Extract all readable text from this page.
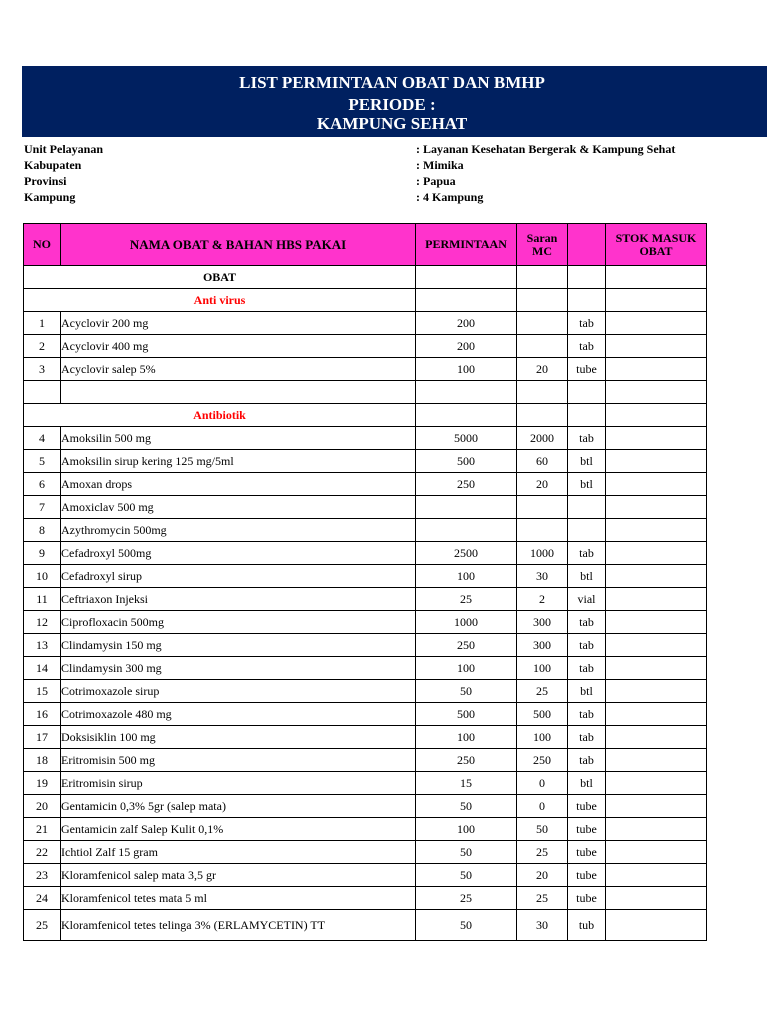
LIST PERMINTAAN OBAT DAN BMHP
PERIODE :
KAMPUNG SEHAT
Unit Pelayanan	: Layanan Kesehatan Bergerak & Kampung Sehat
Kabupaten	: Mimika
Provinsi	: Papua
Kampung	: 4 Kampung
NO	NAMA OBAT & BAHAN HBS PAKAI	PERMINTAAN	Saran MC		STOK MASUK OBAT
OBAT					
Anti virus					
1	Acyclovir 200 mg	200		tab	
2	Acyclovir 400 mg	200		tab	
3	Acyclovir salep 5%	100	20	tube	

Antibiotik					
4	Amoksilin 500 mg	5000	2000	tab	
5	Amoksilin sirup kering 125 mg/5ml	500	60	btl	
6	Amoxan drops	250	20	btl	
7	Amoxiclav 500 mg				
8	Azythromycin 500mg				
9	Cefadroxyl 500mg	2500	1000	tab	
10	Cefadroxyl sirup	100	30	btl	
11	Ceftriaxon Injeksi	25	2	vial	
12	Ciprofloxacin 500mg	1000	300	tab	
13	Clindamysin 150 mg	250	300	tab	
14	Clindamysin 300 mg	100	100	tab	
15	Cotrimoxazole sirup	50	25	btl	
16	Cotrimoxazole 480 mg	500	500	tab	
17	Doksisiklin 100 mg	100	100	tab	
18	Eritromisin 500 mg	250	250	tab	
19	Eritromisin sirup	15	0	btl	
20	Gentamicin 0,3% 5gr (salep mata)	50	0	tube	
21	Gentamicin zalf Salep Kulit 0,1%	100	50	tube	
22	Ichtiol Zalf 15 gram	50	25	tube	
23	Kloramfenicol salep mata 3,5 gr	50	20	tube	
24	Kloramfenicol tetes mata 5 ml	25	25	tube	
25	Kloramfenicol tetes telinga 3% (ERLAMYCETIN) TT	50	30	tub	
